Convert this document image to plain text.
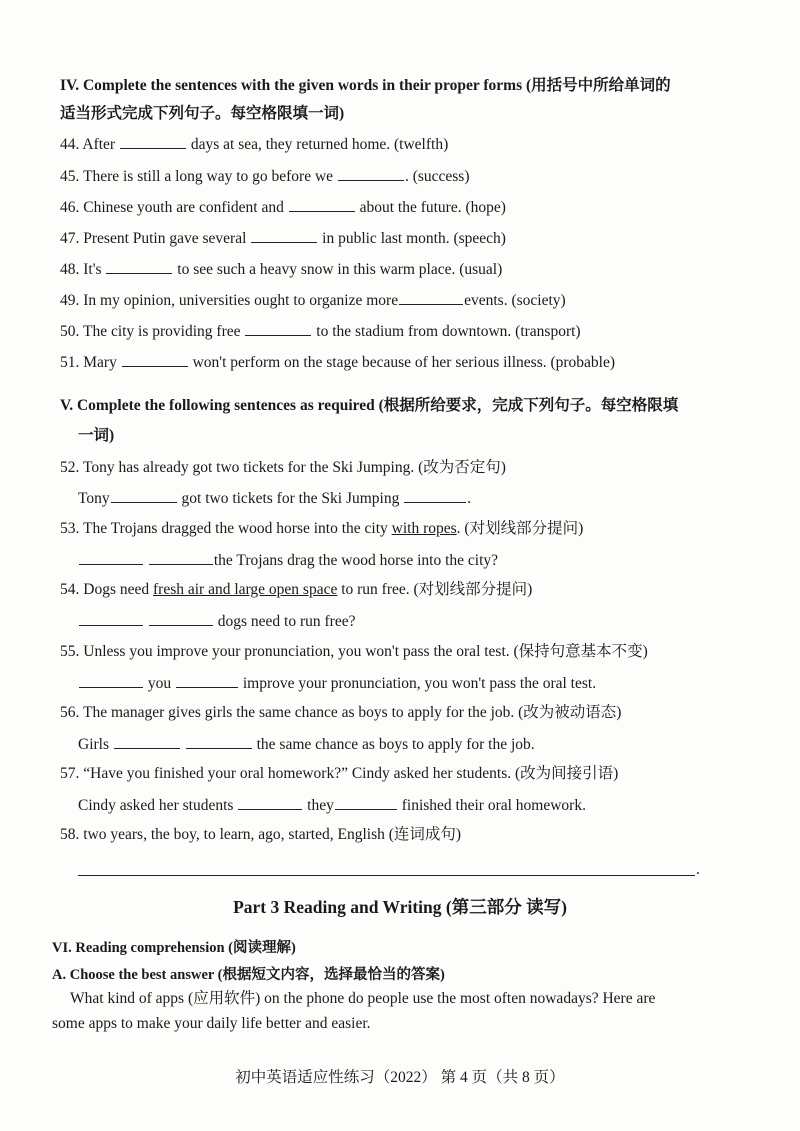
IV. Complete the sentences with the given words in their proper forms (用括号中所给单词的
适当形式完成下列句子。每空格限填一词)
44. After	days at sea, they returned home. (twelfth)
45. There is still a long way to go before we	. (success)
46. Chinese youth are confident and	about the future. (hope)
47. Present Putin gave several	in public last month. (speech)
48. It's	to see such a heavy snow in this warm place. (usual)
49. In my opinion, universities ought to organize more	events. (society)
50. The city is providing free	to the stadium from downtown. (transport)
51. Mary	won't perform on the stage because of her serious illness. (probable)
V. Complete the following sentences as required (根据所给要求，完成下列句子。每空格限填
一词)
52. Tony has already got two tickets for the Ski Jumping. (改为否定句)
Tony	got two tickets for the Ski Jumping	.
53. The Trojans dragged the wood horse into the city with ropes. (对划线部分提问)
the Trojans drag the wood horse into the city?
54. Dogs need fresh air and large open space to run free. (对划线部分提问)
dogs need to run free?
55. Unless you improve your pronunciation, you won't pass the oral test. (保持句意基本不变)
you	improve your pronunciation, you won't pass the oral test.
56. The manager gives girls the same chance as boys to apply for the job. (改为被动语态)
Girls	the same chance as boys to apply for the job.
57. “Have you finished your oral homework?” Cindy asked her students. (改为间接引语)
Cindy asked her students	they	finished their oral homework.
58. two years, the boy, to learn, ago, started, English (连词成句)
.
Part 3 Reading and Writing (第三部分 读写)
VI. Reading comprehension (阅读理解)
A. Choose the best answer (根据短文内容，选择最恰当的答案)
What kind of apps (应用软件) on the phone do people use the most often nowadays? Here are
some apps to make your daily life better and easier.
初中英语适应性练习（2022） 第 4 页（共 8 页）
